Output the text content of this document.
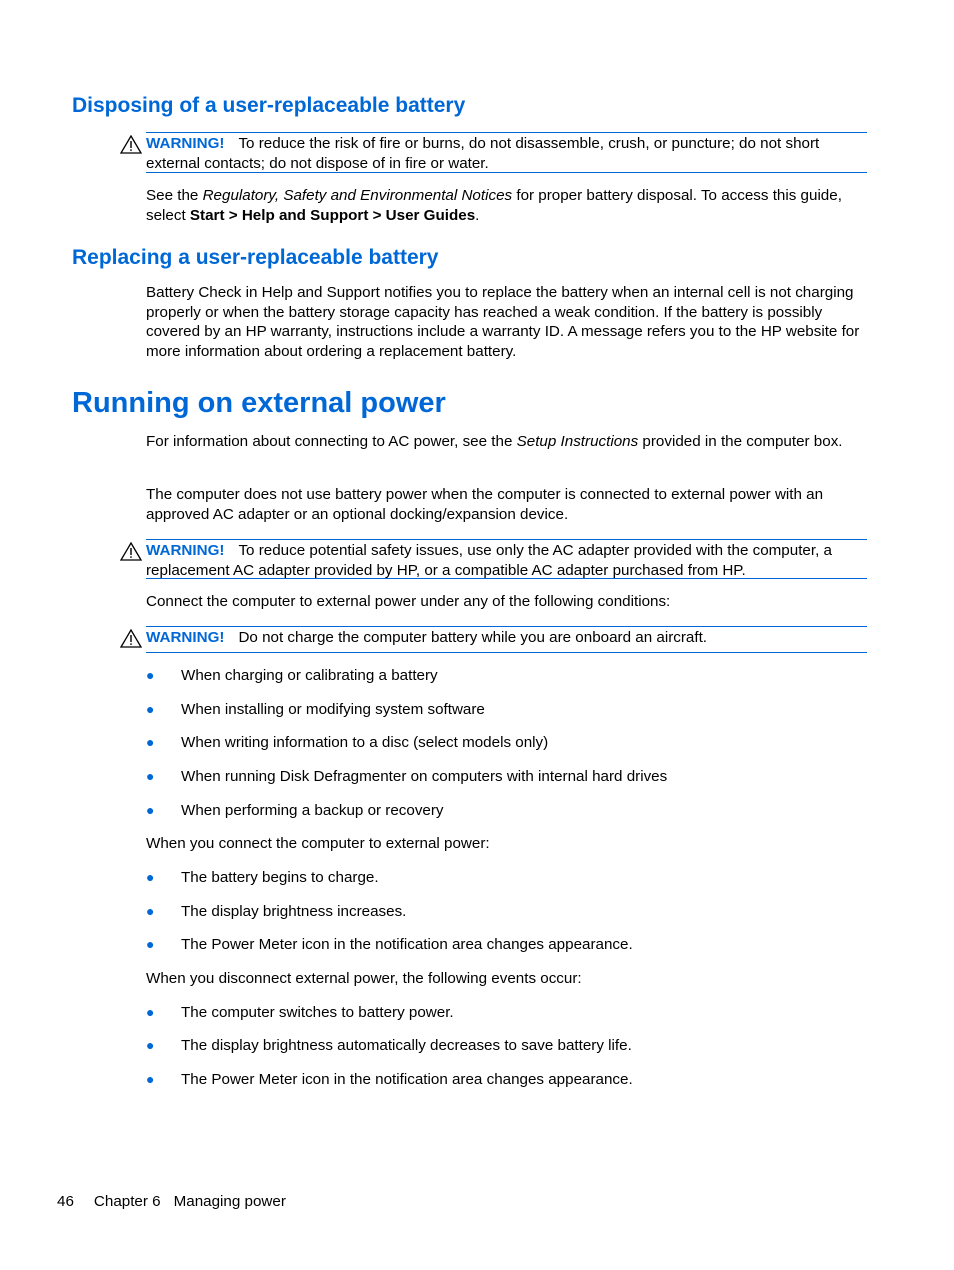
Disposing of a user-replaceable battery
WARNING! To reduce the risk of fire or burns, do not disassemble, crush, or puncture; do not short external contacts; do not dispose of in fire or water.

See the Regulatory, Safety and Environmental Notices for proper battery disposal. To access this guide, select Start > Help and Support > User Guides.

Replacing a user-replaceable battery

Battery Check in Help and Support notifies you to replace the battery when an internal cell is not charging properly or when the battery storage capacity has reached a weak condition. If the battery is possibly covered by an HP warranty, instructions include a warranty ID. A message refers you to the HP website for more information about ordering a replacement battery.

Running on external power

For information about connecting to AC power, see the Setup Instructions provided in the computer box.

The computer does not use battery power when the computer is connected to external power with an approved AC adapter or an optional docking/expansion device.

WARNING! To reduce potential safety issues, use only the AC adapter provided with the computer, a replacement AC adapter provided by HP, or a compatible AC adapter purchased from HP.

Connect the computer to external power under any of the following conditions:

WARNING! Do not charge the computer battery while you are onboard an aircraft.
● When charging or calibrating a battery
● When installing or modifying system software
● When writing information to a disc (select models only)
● When running Disk Defragmenter on computers with internal hard drives
● When performing a backup or recovery

When you connect the computer to external power:

● The battery begins to charge.
● The display brightness increases.
● The Power Meter icon in the notification area changes appearance.

When you disconnect external power, the following events occur:

● The computer switches to battery power.
● The display brightness automatically decreases to save battery life.
● The Power Meter icon in the notification area changes appearance.
46 Chapter 6 Managing power
